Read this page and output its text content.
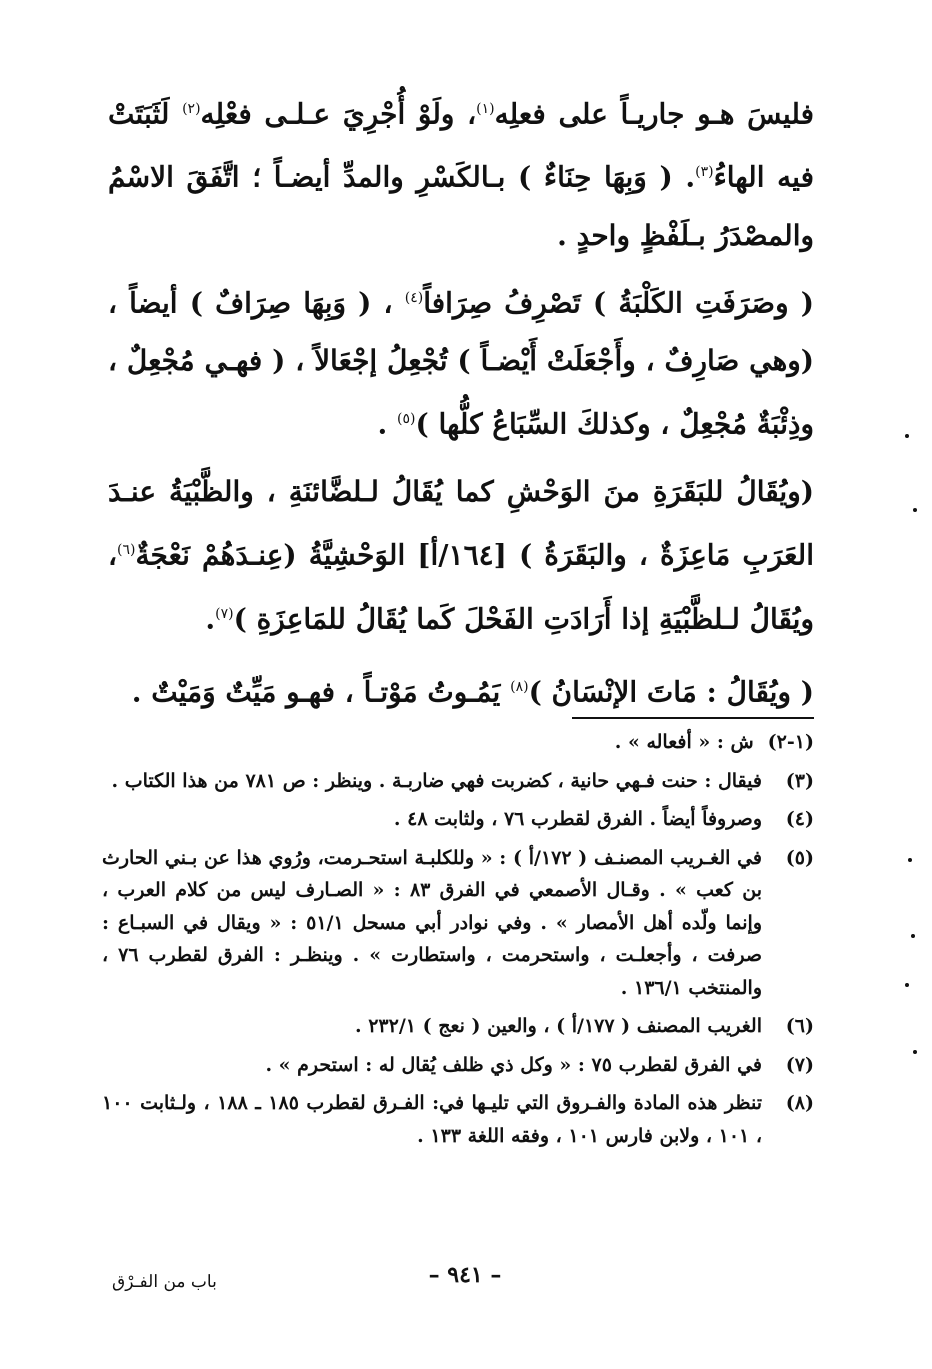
فليسَ هـو جاريـاً على فعلِه$^{(١)}$، ولَوْ أُجْرِيَ عـلـى فعْلِه$^{(٢)}$ لَثَبَتَتْ فيه الهاءُ$^{(٣)}$. ( وَبِهَا حِنَاءٌ ) بـالكَسْرِ والمدِّ أيضـاً ؛ اتَّفَقَ الاسْمُ والمصْدَرُ بـلَفْظٍ واحدٍ .

( وصَرَفَتِ الكَلْبَةُ ) تَصْرِفُ صِرَافاً$^{(٤)}$ ، ( وَبِهَا صِرَافٌ ) أيضاً ، (وهي صَارِفٌ ، وأَجْعَلَتْ أَيْضـاً ) تُجْعِلُ إجْعَالاً ، ( فهـي مُجْعِلٌ ، وذِئْبَةٌ مُجْعِلٌ ، وكذلكَ السِّبَاعُ كلُّها )$^{(٥)}$ .

(ويُقَالُ للبَقَرَةِ منَ الوَحْشِ كما يُقَالُ لـلضَّائنَةِ ، والظَّبْيَةُ عنـدَ العَرَبِ مَاعِزَةٌ ، والبَقَرَةُ ) [١٦٤/أ] الوَحْشِيَّةُ (عِنـدَهُمْ نَعْجَةٌ$^{(٦)}$، ويُقَالُ لـلظَّبْيَةِ إذا أَرَادَتِ الفَحْلَ كَما يُقَالُ للمَاعِزَةِ )$^{(٧)}$.

( ويُقَالُ : مَاتَ الإنْسَانُ )$^{(٨)}$ يَمُـوتُ مَوْتـاً ، فهـو مَيِّتٌ وَمَيْتٌ .

(١-٢)
ش : « أفعاله » .
(٣)
فيقال : حنت فـهي حانية ، كضربت فهي ضاربـة . وينظر : ص ٧٨١ من هذا الكتاب .
(٤)
وصروفاً أيضاً . الفرق لقطرب ٧٦ ، ولثابت ٤٨ .
(٥)
في الغـريب المصنـف ( ١٧٢/أ ) : « وللكلبـة استحـرمت، ورُوي هذا عن بـني الحارث بن كعب » . وقـال الأصمعي في الفرق ٨٣ : « الصـارف ليس من كلام العرب ، وإنما ولّده أهل الأمصار » . وفي نوادر أبي مسحل ٥١/١ : « ويقال في السبـاع : صرفت ، وأجعلـت ، واستحرمت ، واستطارت » . وينظـر : الفرق لقطرب ٧٦ ، والمنتخب ١٣٦/١ .
(٦)
الغريب المصنف ( ١٧٧/أ ) ، والعين ( نعج ) ٢٣٢/١ .
(٧)
في الفرق لقطرب ٧٥ : « وكل ذي ظلف يُقال له : استحرم » .
(٨)
تنظر هذه المادة والفـروق التي تليـها في: الفـرق لقطرب ١٨٥ ـ ١٨٨ ، ولـثابت ١٠٠ ، ١٠١ ، ولابن فارس ١٠١ ، وفقه اللغة ١٣٣ .
– ٩٤١ –
باب من الفـرْق
